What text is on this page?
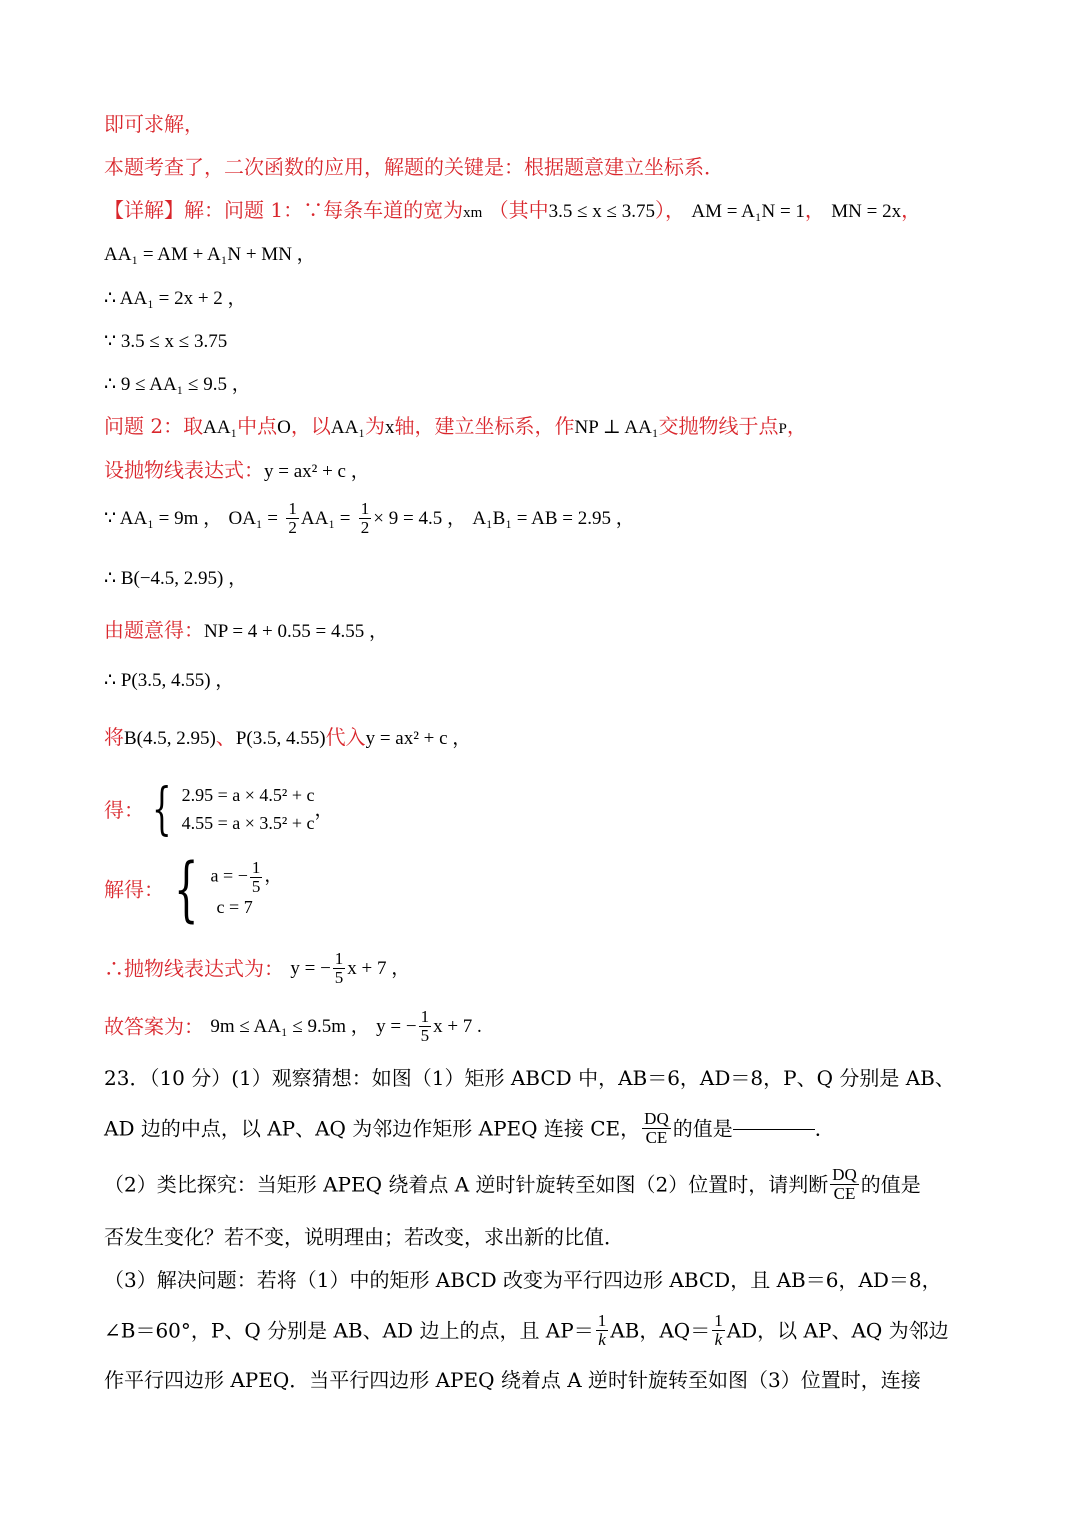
即可求解，
本题考查了，二次函数的应用，解题的关键是：根据题意建立坐标系．
【详解】解：问题 1：∵每条车道的宽为xm （其中3.5 ≤ x ≤ 3.75）， AM = A₁N = 1， MN = 2x，
AA₁ = AM + A₁N + MN ，
∴ AA₁ = 2x + 2 ，
∵ 3.5 ≤ x ≤ 3.75
∴ 9 ≤ AA₁ ≤ 9.5 ，
问题 2：取AA₁中点O，以AA₁为x轴，建立坐标系，作NP ⊥ AA₁交抛物线于点P，
设抛物线表达式：y = ax² + c ，
∵ AA₁ = 9m ， $OA_1 = \frac{1}{2} AA_1 = \frac{1}{2} \times 9 = 4.5$ ， A₁B₁ = AB = 2.95 ，
∴ B(−4.5, 2.95) ，
由题意得：NP = 4 + 0.55 = 4.55 ，
∴ P(3.5, 4.55) ，
将B(4.5, 2.95)、P(3.5, 4.55)代入y = ax² + c ，
得： { 2.95 = a × 4.5² + c
4.55 = a × 3.5² + c，
解得： { a = − $\frac{1}{5}$ ，
c = 7
∴抛物线表达式为： y = − $\frac{1}{5}$ x + 7 ，
故答案为： 9m ≤ AA₁ ≤ 9.5m ， y = − $\frac{1}{5}$ x + 7 .
23．（10 分）(1）观察猜想：如图（1）矩形 ABCD 中，AB＝6，AD＝8，P、Q 分别是 AB、
AD 边的中点，以 AP、AQ 为邻边作矩形 APEQ 连接 CE， $\frac{DQ}{CE}$ 的值是	．
（2）类比探究：当矩形 APEQ 绕着点 A 逆时针旋转至如图（2）位置时，请判断 $\frac{DQ}{CE}$ 的值是
否发生变化？若不变，说明理由；若改变，求出新的比值．
（3）解决问题：若将（1）中的矩形 ABCD 改变为平行四边形 ABCD，且 AB＝6，AD＝8，
∠B＝60°，P、Q 分别是 AB、AD 边上的点，且 $AP= \frac{1}{k}$ AB，$AQ= \frac{1}{k}$ AD，以 AP、AQ 为邻边
作平行四边形 APEQ．当平行四边形 APEQ 绕着点 A 逆时针旋转至如图（3）位置时，连接
